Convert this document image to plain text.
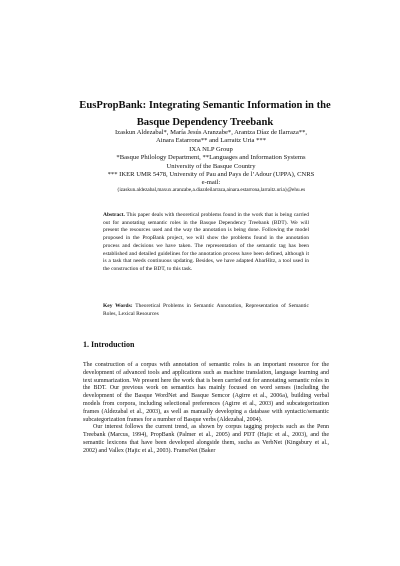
EusPropBank: Integrating Semantic Information in the Basque Dependency Treebank
Izaskun Aldezabal*, María Jesús Aranzabe*, Arantza Díaz de Ilarraza**,
Ainara Estarrona** and Larraitz Uria ***
IXA NLP Group
*Basque Philology Department, **Languages and Information Systems
University of the Basque Country
*** IKER UMR 5478, University of Pau and Pays de l’Adour (UPPA), CNRS
e-mail:
{izaskun.aldezabal,maxux.aranzabe,a.diazdeilarraza,ainara.estarrona,larraitz.uria}@ehu.es
Abstract. This paper deals with theoretical problems found in the work that is being carried out for annotating semantic roles in the Basque Dependency Treebank (BDT). We will present the resources used and the way the annotation is being done. Following the model proposed in the PropBank project, we will show the problems found in the annotation process and decisions we have taken. The representation of the semantic tag has been established and detailed guidelines for the annotation process have been defined, although it is a task that needs continuous updating. Besides, we have adapted AbarHitz, a tool used in the construction of the BDT, to this task.
Key Words: Theoretical Problems in Semantic Annotation, Representation of Semantic Roles, Lexical Resources
1. Introduction

The construction of a corpus with annotation of semantic roles is an important resource for the development of advanced tools and applications such as machine translation, language learning and text summarization. We present here the work that is been carried out for annotating semantic roles in the BDT. Our previous work on semantics has mainly focused on word senses (including the development of the Basque WordNet and Basque Semcor (Agirre et al., 2006a), building verbal models from corpora, including selectional preferences (Agirre et al., 2003) and subcategorization frames (Aldezabal et al., 2003), as well as manually developing a database with syntactic/semantic subcategorization frames for a number of Basque verbs (Aldezabal, 2004).

Our interest follows the current trend, as shown by corpus tagging projects such as the Penn Treebank (Marcus, 1994), PropBank (Palmer et al., 2005) and PDT (Hajic et al., 2003), and the semantic lexicons that have been developed alongside them, sucha as VerbNet (Kingsbury et al., 2002) and Vallex (Hajic et al., 2003). FrameNet (Baker
